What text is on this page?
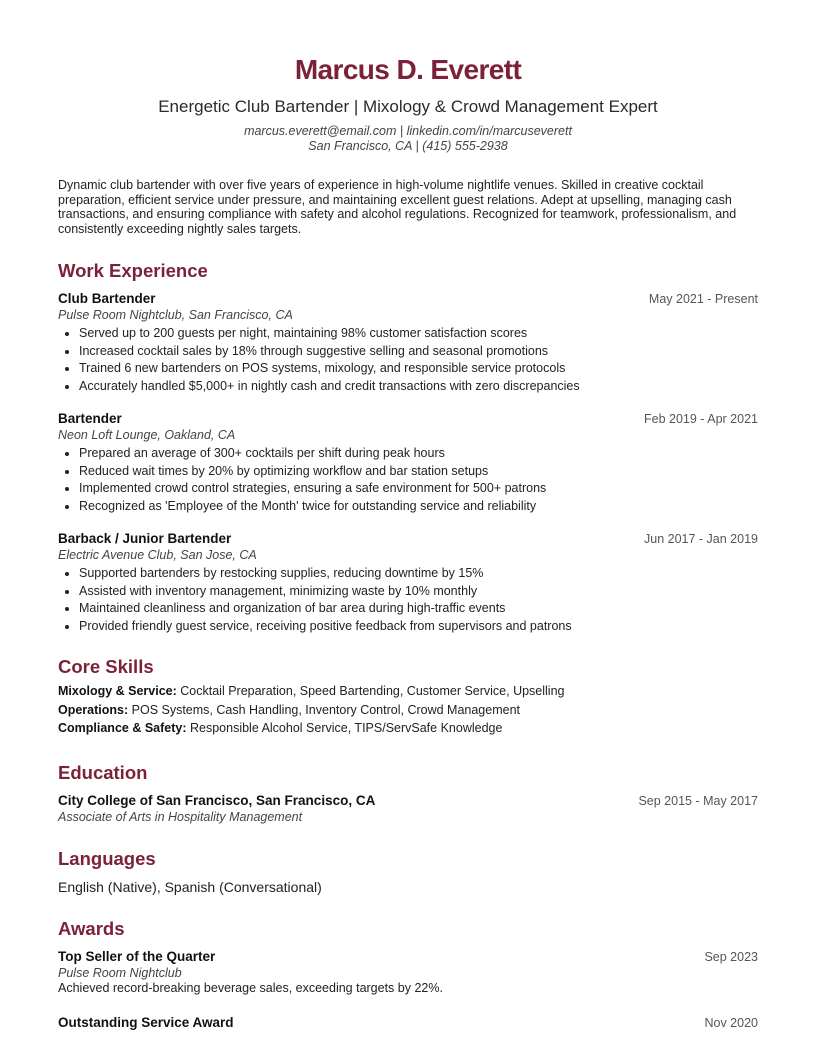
Marcus D. Everett
Energetic Club Bartender | Mixology & Crowd Management Expert
marcus.everett@email.com | linkedin.com/in/marcuseverett
San Francisco, CA | (415) 555-2938
Dynamic club bartender with over five years of experience in high-volume nightlife venues. Skilled in creative cocktail preparation, efficient service under pressure, and maintaining excellent guest relations. Adept at upselling, managing cash transactions, and ensuring compliance with safety and alcohol regulations. Recognized for teamwork, professionalism, and consistently exceeding nightly sales targets.
Work Experience
Club Bartender	May 2021 - Present
Pulse Room Nightclub, San Francisco, CA
• Served up to 200 guests per night, maintaining 98% customer satisfaction scores
• Increased cocktail sales by 18% through suggestive selling and seasonal promotions
• Trained 6 new bartenders on POS systems, mixology, and responsible service protocols
• Accurately handled $5,000+ in nightly cash and credit transactions with zero discrepancies
Bartender	Feb 2019 - Apr 2021
Neon Loft Lounge, Oakland, CA
• Prepared an average of 300+ cocktails per shift during peak hours
• Reduced wait times by 20% by optimizing workflow and bar station setups
• Implemented crowd control strategies, ensuring a safe environment for 500+ patrons
• Recognized as 'Employee of the Month' twice for outstanding service and reliability
Barback / Junior Bartender	Jun 2017 - Jan 2019
Electric Avenue Club, San Jose, CA
• Supported bartenders by restocking supplies, reducing downtime by 15%
• Assisted with inventory management, minimizing waste by 10% monthly
• Maintained cleanliness and organization of bar area during high-traffic events
• Provided friendly guest service, receiving positive feedback from supervisors and patrons
Core Skills
Mixology & Service: Cocktail Preparation, Speed Bartending, Customer Service, Upselling
Operations: POS Systems, Cash Handling, Inventory Control, Crowd Management
Compliance & Safety: Responsible Alcohol Service, TIPS/ServSafe Knowledge
Education
City College of San Francisco, San Francisco, CA	Sep 2015 - May 2017
Associate of Arts in Hospitality Management
Languages
English (Native), Spanish (Conversational)
Awards
Top Seller of the Quarter	Sep 2023
Pulse Room Nightclub
Achieved record-breaking beverage sales, exceeding targets by 22%.
Outstanding Service Award	Nov 2020
